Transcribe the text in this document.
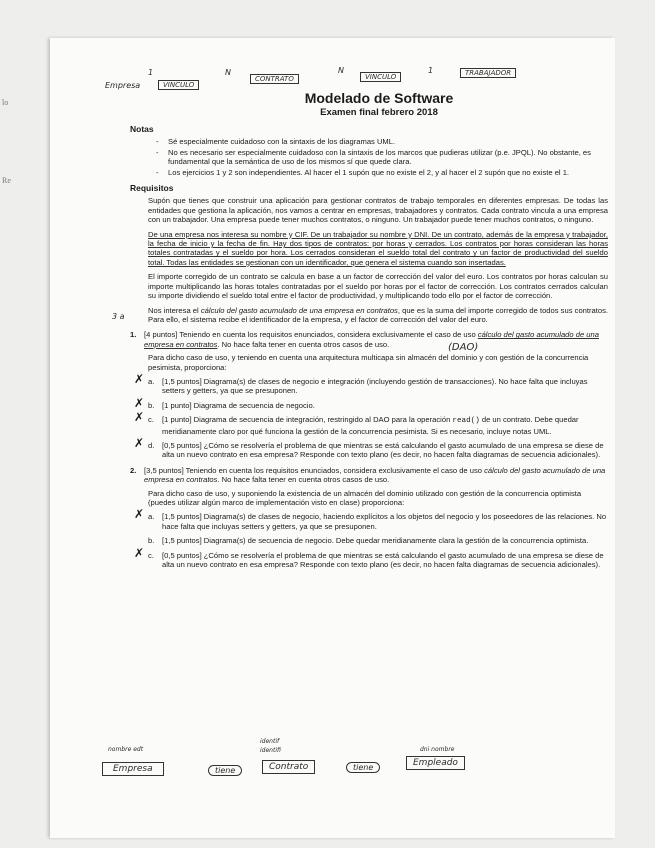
lo
Re
Empresa
1
VINCULO
N
CONTRATO
N
VINCULO
1	TRABAJADOR
Modelado de Software
Examen final febrero 2018
Notas
- Sé especialmente cuidadoso con la sintaxis de los diagramas UML.
- No es necesario ser especialmente cuidadoso con la sintaxis de los marcos que pudieras utilizar (p.e. JPQL). No obstante, es fundamental que la semántica de uso de los mismos sí que quede clara.
- Los ejercicios 1 y 2 son independientes. Al hacer el 1 supón que no existe el 2, y al hacer el 2 supón que no existe el 1.
Requisitos
Supón que tienes que construir una aplicación para gestionar contratos de trabajo temporales en diferentes empresas. De todas las entidades que gestiona la aplicación, nos vamos a centrar en empresas, trabajadores y contratos. Cada contrato vincula a una empresa con un trabajador. Una empresa puede tener muchos contratos, o ninguno. Un trabajador puede tener muchos contratos, o ninguno.
De una empresa nos interesa su nombre y CIF. De un trabajador su nombre y DNI. De un contrato, además de la empresa y trabajador, la fecha de inicio y la fecha de fin. Hay dos tipos de contratos: por horas y cerrados. Los contratos por horas consideran las horas totales contratadas y el sueldo por hora. Los cerrados consideran el sueldo total del contrato y un factor de productividad del sueldo total. Todas las entidades se gestionan con un identificador, que genera el sistema cuando son insertadas.
El importe corregido de un contrato se calcula en base a un factor de corrección del valor del euro. Los contratos por horas calculan su importe multiplicando las horas totales contratadas por el sueldo por horas por el factor de corrección. Los contratos cerrados calculan su importe dividiendo el sueldo total entre el factor de productividad, y multiplicando todo ello por el factor de corrección.
3 a
Nos interesa el cálculo del gasto acumulado de una empresa en contratos, que es la suma del importe corregido de todos sus contratos. Para ello, el sistema recibe el identificador de la empresa, y el factor de corrección del valor del euro.
1.	[4 puntos] Teniendo en cuenta los requisitos enunciados, considera exclusivamente el caso de uso cálculo del gasto acumulado de una empresa en contratos. No hace falta tener en cuenta otros casos de uso.	(DAO)
Para dicho caso de uso, y teniendo en cuenta una arquitectura multicapa sin almacén del dominio y con gestión de la concurrencia pesimista, proporciona:
✗ a.	[1,5 puntos] Diagrama(s) de clases de negocio e integración (incluyendo gestión de transacciones). No hace falta que incluyas setters y getters, ya que se presuponen.
✗ b.	[1 punto] Diagrama de secuencia de negocio.
✗ c.	[1 punto] Diagrama de secuencia de integración, restringido al DAO para la operación read() de un contrato. Debe quedar meridianamente claro por qué funciona la gestión de la concurrencia pesimista. Si es necesario, incluye notas UML.
✗ d.	[0,5 puntos] ¿Cómo se resolvería el problema de que mientras se está calculando el gasto acumulado de una empresa se diese de alta un nuevo contrato en esa empresa? Responde con texto plano (es decir, no hacen falta diagramas de secuencia adicionales).
2.	[3,5 puntos] Teniendo en cuenta los requisitos enunciados, considera exclusivamente el caso de uso cálculo del gasto acumulado de una empresa en contratos. No hace falta tener en cuenta otros casos de uso.
Para dicho caso de uso, y suponiendo la existencia de un almacén del dominio utilizado con gestión de la concurrencia optimista (puedes utilizar algún marco de implementación visto en clase) proporciona:
✗ a.	[1,5 puntos] Diagrama(s) de clases de negocio, haciendo explícitos a los objetos del negocio y los poseedores de las relaciones. No hace falta que incluyas setters y getters, ya que se presuponen.
b.	[1,5 puntos] Diagrama(s) de secuencia de negocio. Debe quedar meridianamente clara la gestión de la concurrencia optimista.
✗ c.	[0,5 puntos] ¿Cómo se resolvería el problema de que mientras se está calculando el gasto acumulado de una empresa se diese de alta un nuevo contrato en esa empresa? Responde con texto plano (es decir, no hacen falta diagramas de secuencia adicionales).
nombre edt
identif
identifi	dni nombre
Empresa	tiene	Contrato	tiene	Empleado
